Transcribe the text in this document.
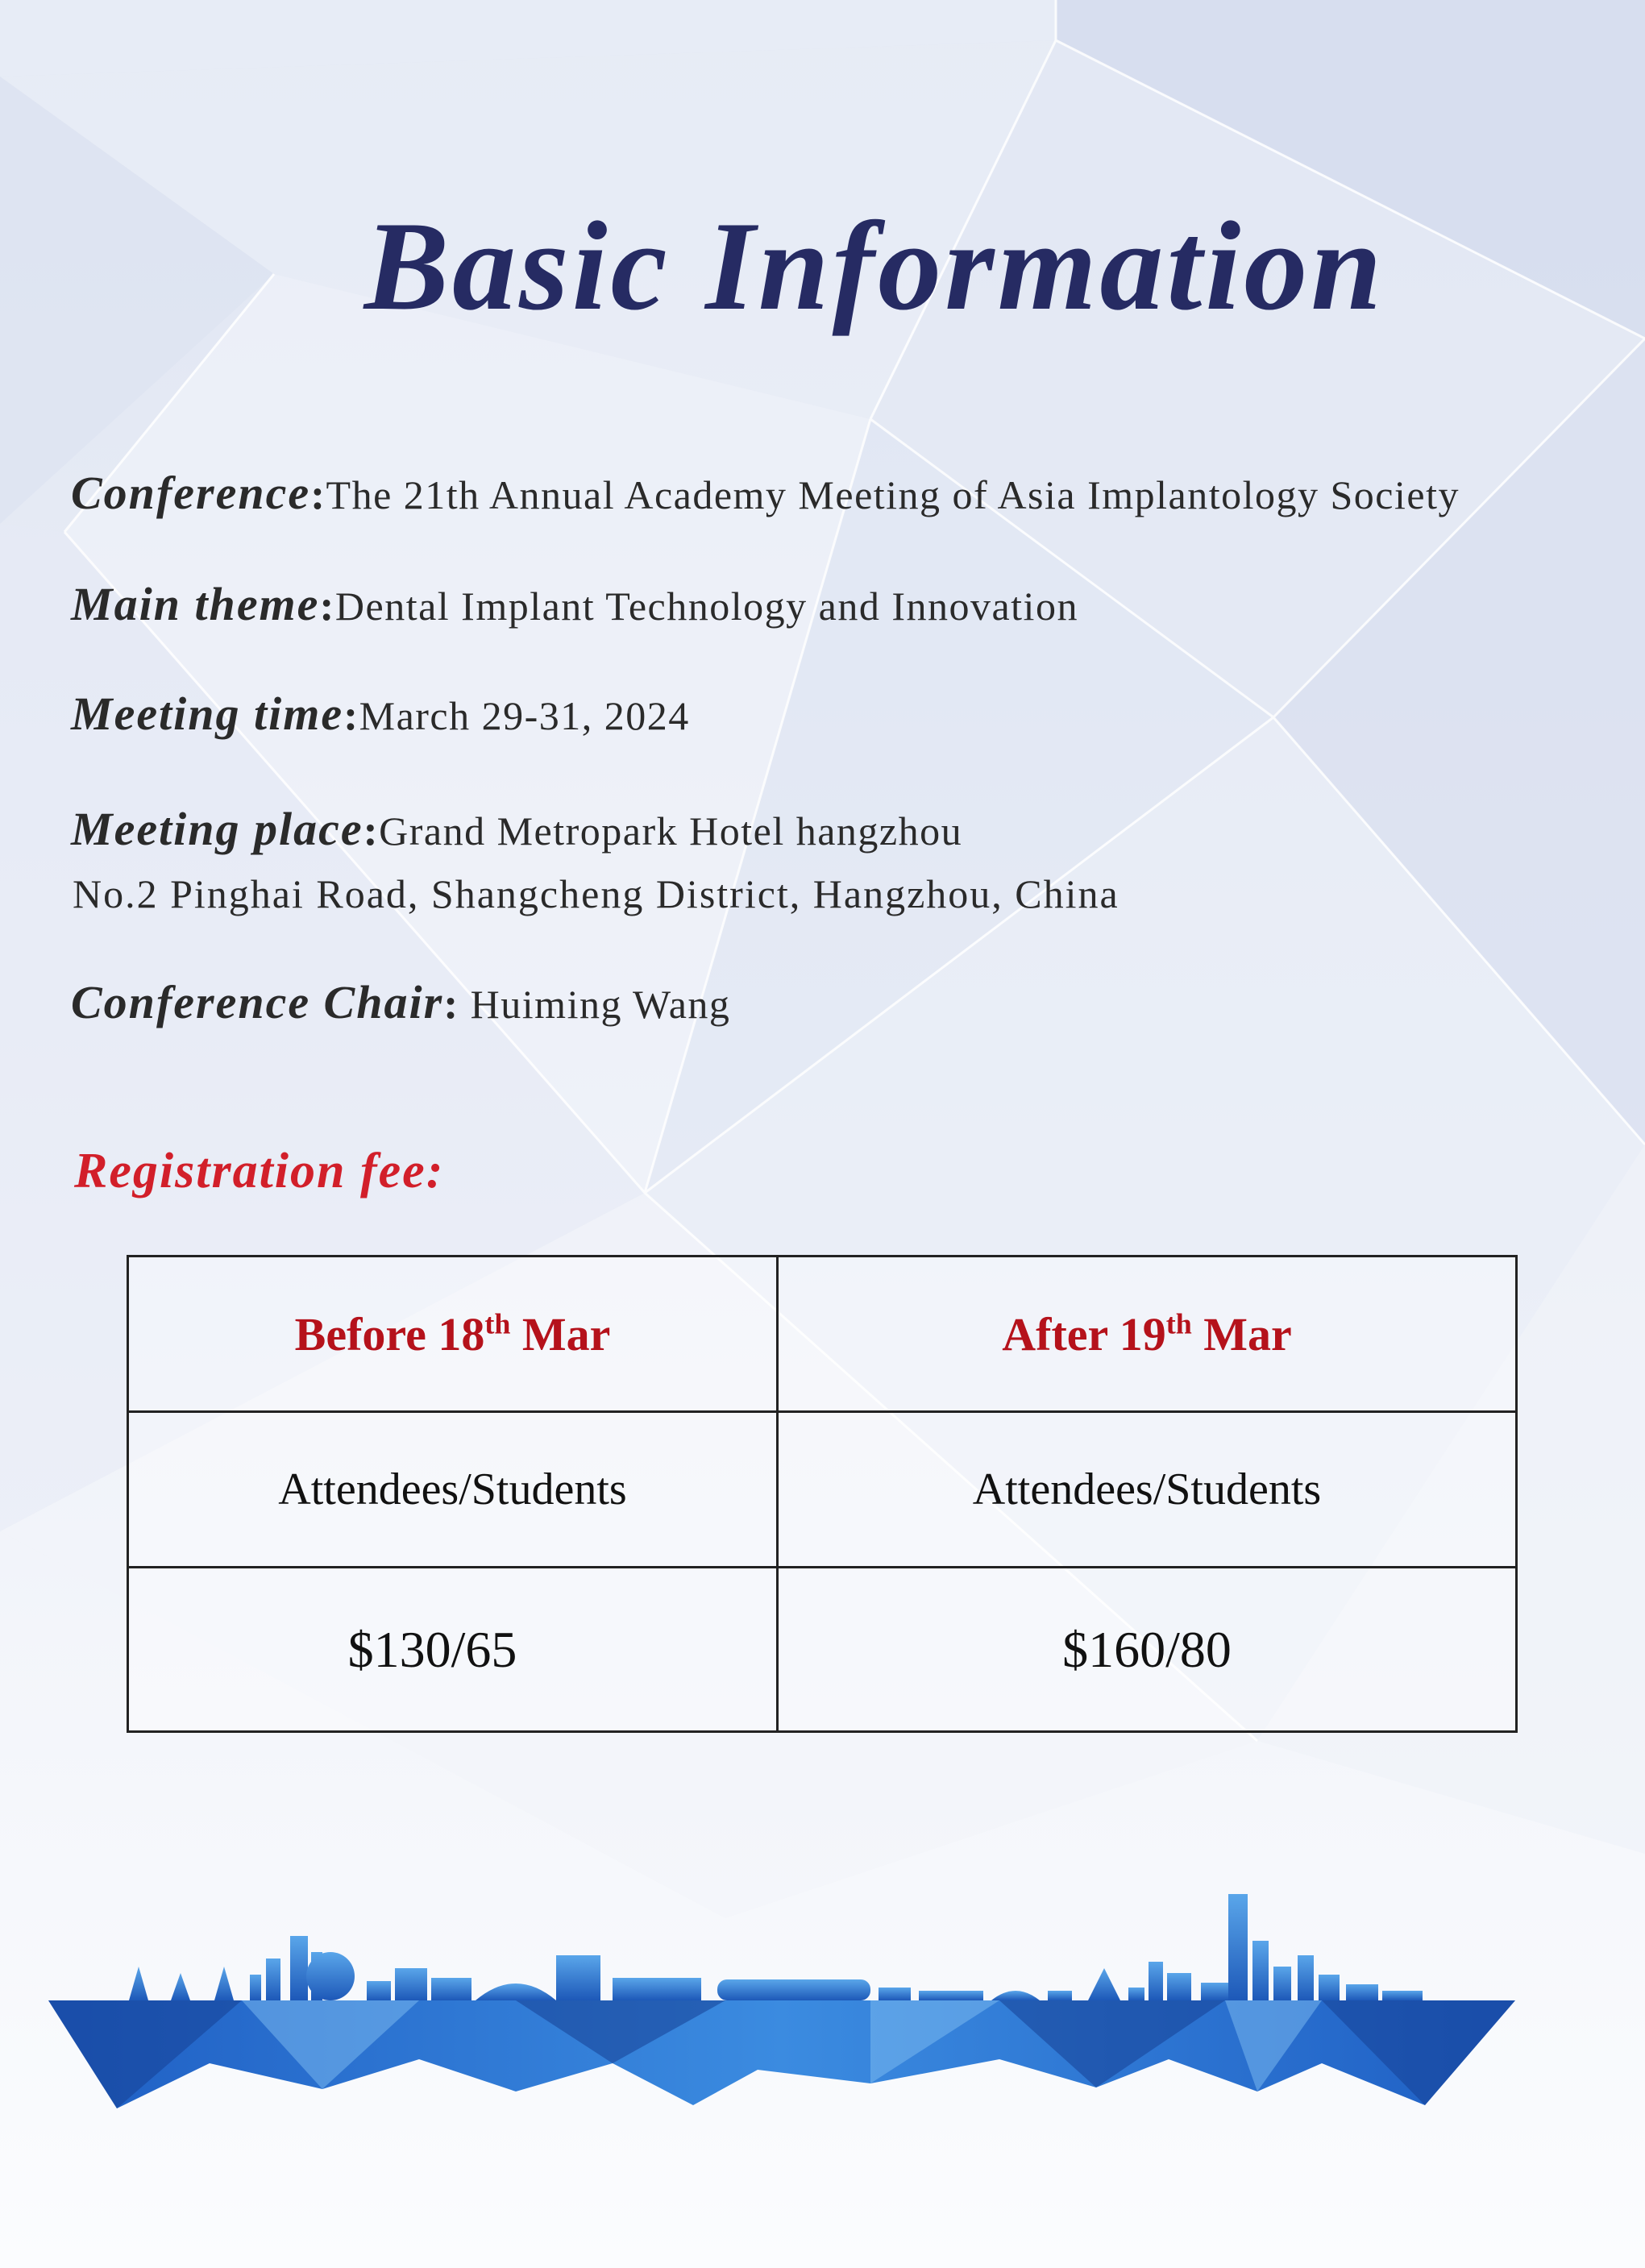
Basic Information
Conference:The 21th Annual Academy Meeting of Asia Implantology Society
Main theme:Dental Implant Technology and Innovation
Meeting time:March 29-31, 2024
Meeting place:Grand Metropark Hotel hangzhou
No.2 Pinghai Road, Shangcheng District, Hangzhou, China
Conference Chair: Huiming Wang
Registration fee:
Before 18th Mar	After 19th Mar
Attendees/Students	Attendees/Students
$130/65	$160/80
